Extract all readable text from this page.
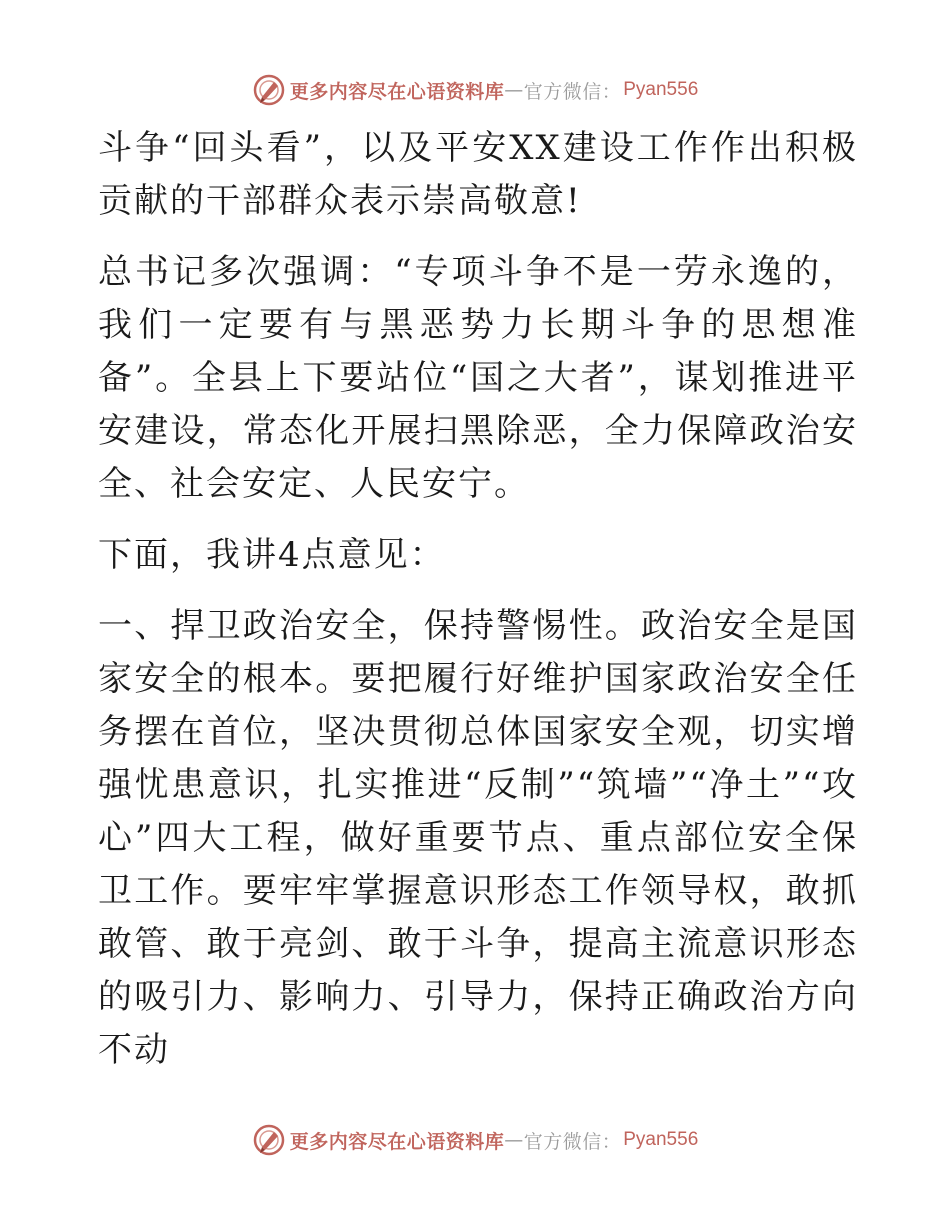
更多内容尽在心语资料库 — 官方微信： Pyan556

斗争“回头看”，以及平安XX建设工作作出积极贡献的干部群众表示崇高敬意!

总书记多次强调：“专项斗争不是一劳永逸的，我们一定要有与黑恶势力长期斗争的思想准备”。全县上下要站位“国之大者”，谋划推进平安建设，常态化开展扫黑除恶，全力保障政治安全、社会安定、人民安宁。

下面，我讲4点意见：

一、捍卫政治安全，保持警惕性。政治安全是国家安全的根本。要把履行好维护国家政治安全任务摆在首位，坚决贯彻总体国家安全观，切实增强忧患意识，扎实推进“反制”“筑墙”“净土”“攻心”四大工程，做好重要节点、重点部位安全保卫工作。要牢牢掌握意识形态工作领导权，敢抓敢管、敢于亮剑、敢于斗争，提高主流意识形态的吸引力、影响力、引导力，保持正确政治方向不动

更多内容尽在心语资料库 — 官方微信： Pyan556
